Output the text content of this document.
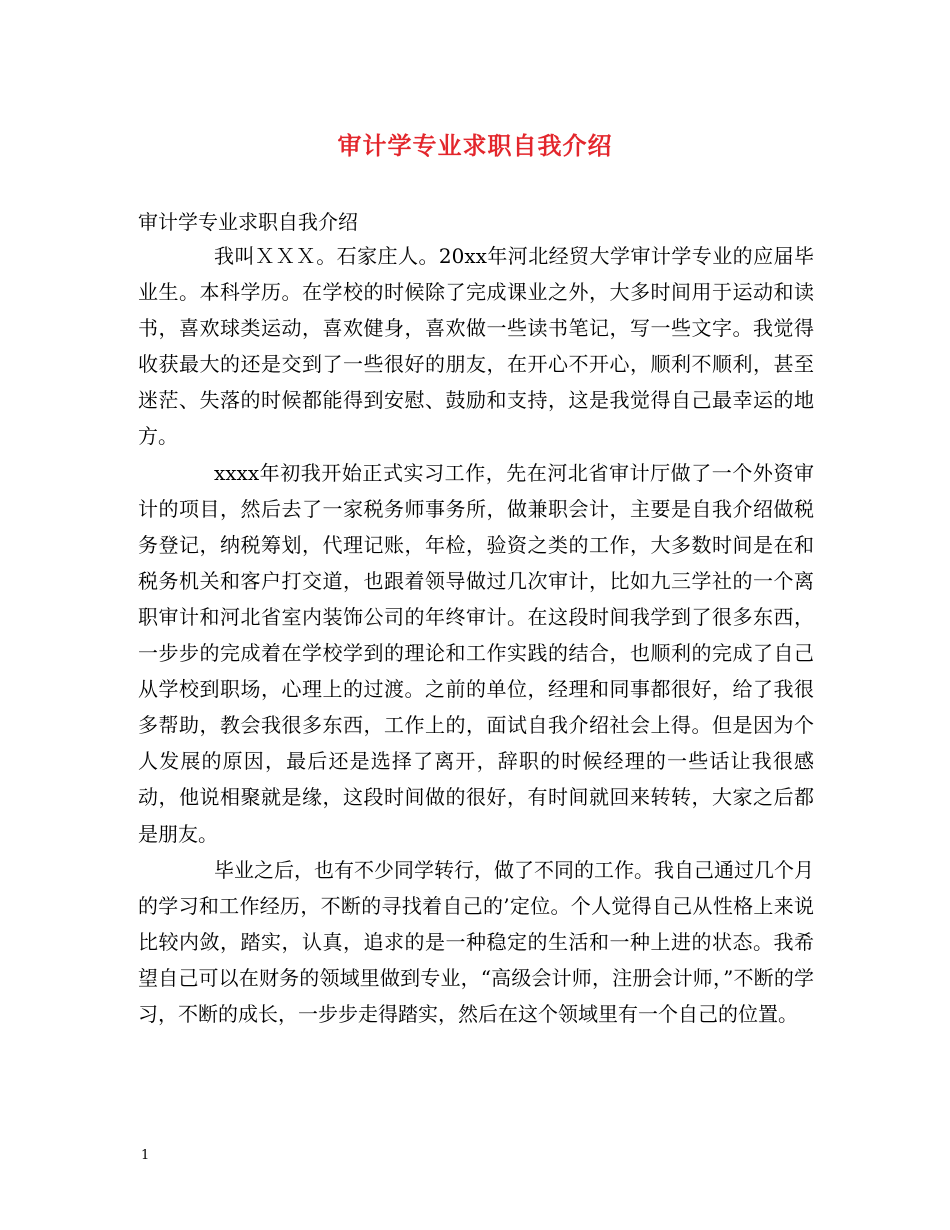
审计学专业求职自我介绍
审计学专业求职自我介绍

我叫ＸＸＸ。石家庄人。20xx年河北经贸大学审计学专业的应届毕业生。本科学历。在学校的时候除了完成课业之外，大多时间用于运动和读书，喜欢球类运动，喜欢健身，喜欢做一些读书笔记，写一些文字。我觉得收获最大的还是交到了一些很好的朋友，在开心不开心，顺利不顺利，甚至迷茫、失落的时候都能得到安慰、鼓励和支持，这是我觉得自己最幸运的地方。

xxxx年初我开始正式实习工作，先在河北省审计厅做了一个外资审计的项目，然后去了一家税务师事务所，做兼职会计，主要是自我介绍做税务登记，纳税筹划，代理记账，年检，验资之类的工作，大多数时间是在和税务机关和客户打交道，也跟着领导做过几次审计，比如九三学社的一个离职审计和河北省室内装饰公司的年终审计。在这段时间我学到了很多东西，一步步的完成着在学校学到的理论和工作实践的结合，也顺利的完成了自己从学校到职场，心理上的过渡。之前的单位，经理和同事都很好，给了我很多帮助，教会我很多东西，工作上的，面试自我介绍社会上得。但是因为个人发展的原因，最后还是选择了离开，辞职的时候经理的一些话让我很感动，他说相聚就是缘，这段时间做的很好，有时间就回来转转，大家之后都是朋友。

毕业之后，也有不少同学转行，做了不同的工作。我自己通过几个月的学习和工作经历，不断的寻找着自己的’定位。个人觉得自己从性格上来说比较内敛，踏实，认真，追求的是一种稳定的生活和一种上进的状态。我希望自己可以在财务的领域里做到专业，“高级会计师，注册会计师，”不断的学习，不断的成长，一步步走得踏实，然后在这个领域里有一个自己的位置。

1
